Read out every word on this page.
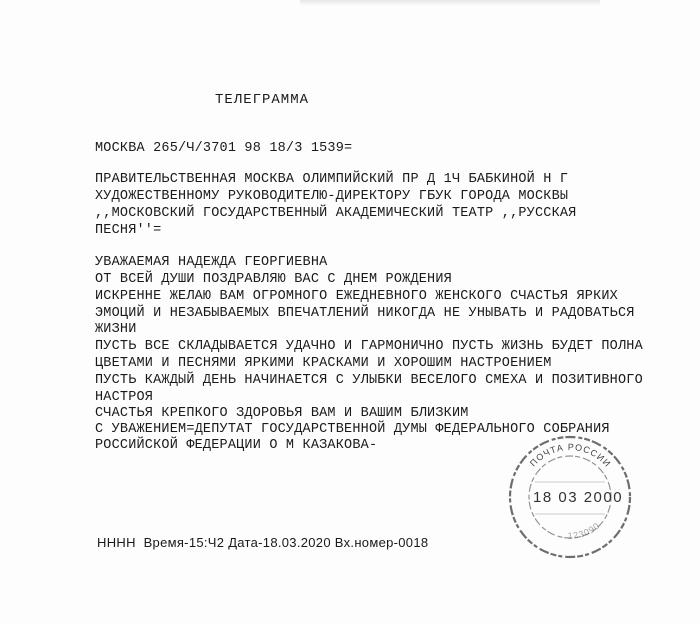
ТЕЛЕГРАММА
МОСКВА 265/Ч/3701 98 18/3 1539=
ПРАВИТЕЛЬСТВЕННАЯ МОСКВА ОЛИМПИЙСКИЙ ПР Д 1Ч БАБКИНОЙ Н Г
ХУДОЖЕСТВЕННОМУ РУКОВОДИТЕЛЮ-ДИРЕКТОРУ ГБУК ГОРОДА МОСКВЫ
,,МОСКОВСКИЙ ГОСУДАРСТВЕННЫЙ АКАДЕМИЧЕСКИЙ ТЕАТР ,,РУССКАЯ
ПЕСНЯ''=
УВАЖАЕМАЯ НАДЕЖДА ГЕОРГИЕВНА
ОТ ВСЕЙ ДУШИ ПОЗДРАВЛЯЮ ВАС С ДНЕМ РОЖДЕНИЯ
ИСКРЕННЕ ЖЕЛАЮ ВАМ ОГРОМНОГО ЕЖЕДНЕВНОГО ЖЕНСКОГО СЧАСТЬЯ ЯРКИХ
ЭМОЦИЙ И НЕЗАБЫВАЕМЫХ ВПЕЧАТЛЕНИЙ НИКОГДА НЕ УНЫВАТЬ И РАДОВАТЬСЯ
ЖИЗНИ
ПУСТЬ ВСЕ СКЛАДЫВАЕТСЯ УДАЧНО И ГАРМОНИЧНО ПУСТЬ ЖИЗНЬ БУДЕТ ПОЛНА
ЦВЕТАМИ И ПЕСНЯМИ ЯРКИМИ КРАСКАМИ И ХОРОШИМ НАСТРОЕНИЕМ
ПУСТЬ КАЖДЫЙ ДЕНЬ НАЧИНАЕТСЯ С УЛЫБКИ ВЕСЕЛОГО СМЕХА И ПОЗИТИВНОГО
НАСТРОЯ
СЧАСТЬЯ КРЕПКОГО ЗДОРОВЬЯ ВАМ И ВАШИМ БЛИЗКИМ
С УВАЖЕНИЕМ=ДЕПУТАТ ГОСУДАРСТВЕННОЙ ДУМЫ ФЕДЕРАЛЬНОГО СОБРАНИЯ
РОССИЙСКОЙ ФЕДЕРАЦИИ О М КАЗАКОВА-
НННН  Время-15:Ч2 Дата-18.03.2020 Вх.номер-0018
ПОЧТА РОССИИ
123090
18 03 2000
